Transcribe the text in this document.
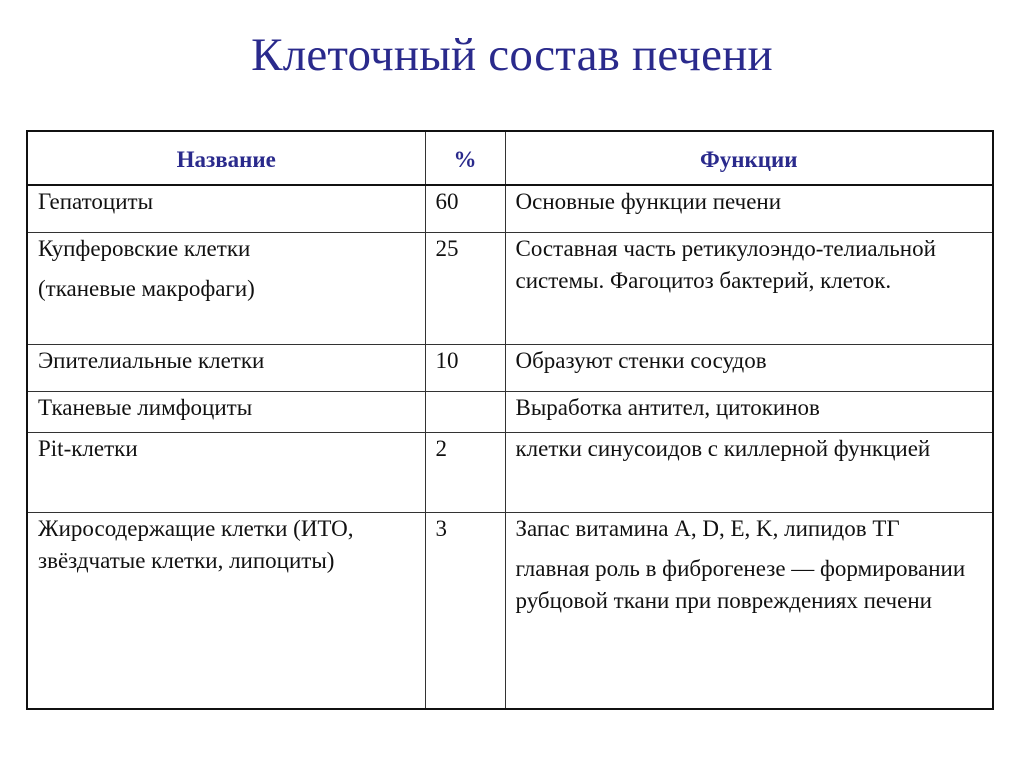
Клеточный состав печени
Название	%	Функции

Гепатоциты	60	Основные функции печени

Купферовские клетки

(тканевые макрофаги)	25	Составная часть ретикулоэндо-телиальной системы. Фагоцитоз бактерий, клеток.

Эпителиальные клетки	10	Образуют стенки сосудов

Тканевые лимфоциты		Выработка антител, цитокинов

Pit-клетки	2	клетки синусоидов с киллерной функцией

Жиросодержащие клетки (ИТО, звёздчатые клетки, липоциты)	3	Запас витамина A, D, E, K, липидов ТГ

главная роль в фиброгенезе — формировании рубцовой ткани при повреждениях печени
